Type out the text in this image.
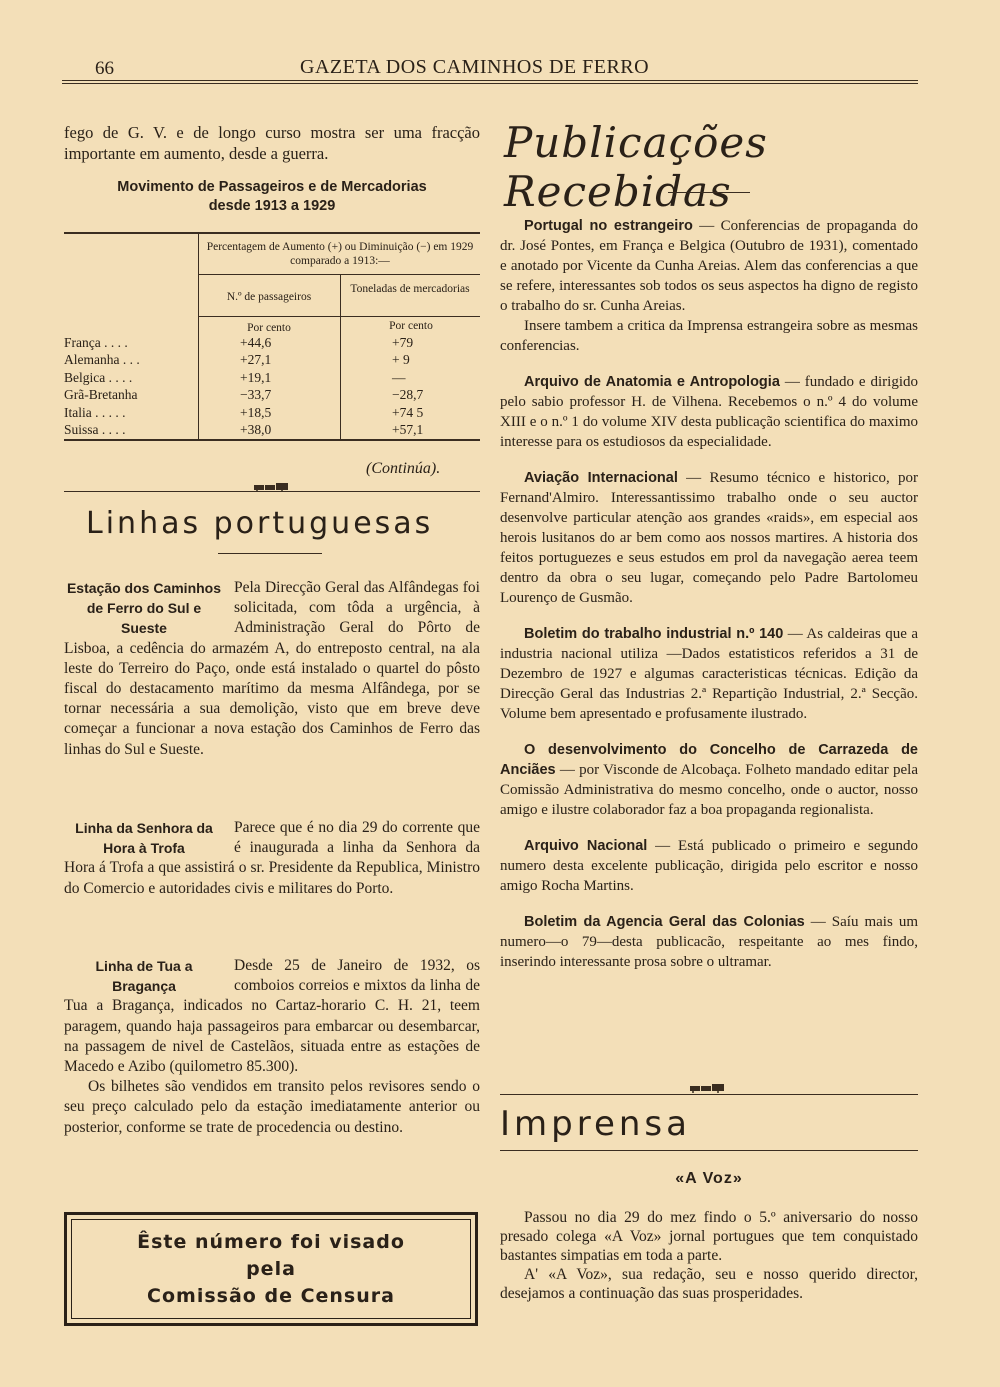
66	GAZETA DOS CAMINHOS DE FERRO
fego de G. V. e de longo curso mostra ser uma fracção importante em aumento, desde a guerra.
Movimento de Passageiros e de Mercadorias
desde 1913 a 1929
Percentagem de Aumento (+) ou Diminuição (−) em 1929 comparado a 1913:—
N.º de passageiros
Toneladas de mercadorias
Por cento	Por cento
França . . . .	+44,6	+79
Alemanha . . .	+27,1	+ 9
Belgica . . . .	+19,1	—
Grã-Bretanha	−33,7	−28,7
Italia . . . . .	+18,5	+74 5
Suissa . . . .	+38,0	+57,1
(Continúa).
Linhas portuguesas
Estação dos Caminhos de Ferro do Sul e Sueste

Pela Direcção Geral das Alfândegas foi solicitada, com tôda a urgência, à Administração Geral do Pôrto de Lisboa, a cedência do armazém A, do entreposto central, na ala leste do Terreiro do Paço, onde está instalado o quartel do pôsto fiscal do destacamento marítimo da mesma Alfândega, por se tornar necessária a sua demolição, visto que em breve deve começar a funcionar a nova estação dos Caminhos de Ferro das linhas do Sul e Sueste.

Linha da Senhora da Hora à Trofa

Parece que é no dia 29 do corrente que é inaugurada a linha da Senhora da Hora á Trofa a que assistirá o sr. Presidente da Republica, Ministro do Comercio e autoridades civis e militares do Porto.

Linha de Tua a Bragança

Desde 25 de Janeiro de 1932, os comboios correios e mixtos da linha de Tua a Bragança, indicados no Cartaz-horario C. H. 21, teem paragem, quando haja passageiros para embarcar ou desembarcar, na passagem de nivel de Castelãos, situada entre as estações de Macedo e Azibo (quilometro 85.300).

Os bilhetes são vendidos em transito pelos revisores sendo o seu preço calculado pelo da estação imediatamente anterior ou posterior, conforme se trate de procedencia ou destino.

Êste número foi visado
pela
Comissão de Censura
Publicações Recebidas

Portugal no estrangeiro — Conferencias de propaganda do dr. José Pontes, em França e Belgica (Outubro de 1931), comentado e anotado por Vicente da Cunha Areias. Alem das conferencias a que se refere, interessantes sob todos os seus aspectos ha digno de registo o trabalho do sr. Cunha Areias.

Insere tambem a critica da Imprensa estrangeira sobre as mesmas conferencias.

Arquivo de Anatomia e Antropologia — fundado e dirigido pelo sabio professor H. de Vilhena. Recebemos o n.º 4 do volume XIII e o n.º 1 do volume XIV desta publicação scientifica do maximo interesse para os estudiosos da especialidade.

Aviação Internacional — Resumo técnico e historico, por Fernand'Almiro. Interessantissimo trabalho onde o seu auctor desenvolve particular atenção aos grandes «raids», em especial aos herois lusitanos do ar bem como aos nossos martires. A historia dos feitos portuguezes e seus estudos em prol da navegação aerea teem dentro da obra o seu lugar, começando pelo Padre Bartolomeu Lourenço de Gusmão.

Boletim do trabalho industrial n.º 140 — As caldeiras que a industria nacional utiliza —Dados estatisticos referidos a 31 de Dezembro de 1927 e algumas caracteristicas técnicas. Edição da Direcção Geral das Industrias 2.ª Repartição Industrial, 2.ª Secção. Volume bem apresentado e profusamente ilustrado.

O desenvolvimento do Concelho de Carrazeda de Anciães — por Visconde de Alcobaça. Folheto mandado editar pela Comissão Administrativa do mesmo concelho, onde o auctor, nosso amigo e ilustre colaborador faz a boa propaganda regionalista.

Arquivo Nacional — Está publicado o primeiro e segundo numero desta excelente publicação, dirigida pelo escritor e nosso amigo Rocha Martins.

Boletim da Agencia Geral das Colonias — Saíu mais um numero—o 79—desta publicacão, respeitante ao mes findo, inserindo interessante prosa sobre o ultramar.

Imprensa
«A Voz»

Passou no dia 29 do mez findo o 5.º aniversario do nosso presado colega «A Voz» jornal portugues que tem conquistado bastantes simpatias em toda a parte.

A' «A Voz», sua redação, seu e nosso querido director, desejamos a continuação das suas prosperidades.
